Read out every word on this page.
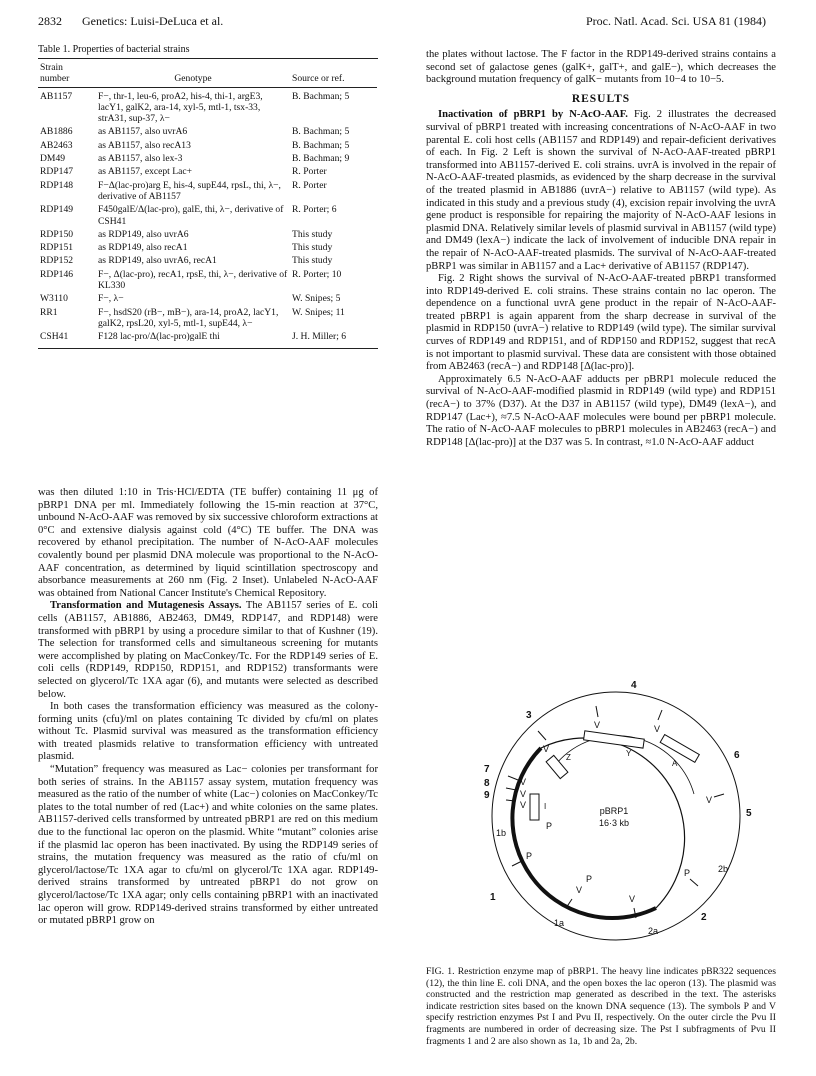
2832 Genetics: Luisi-DeLuca et al.	Proc. Natl. Acad. Sci. USA 81 (1984)
Table 1. Properties of bacterial strains
Strain number	Genotype	Source or ref.

AB1157	F−, thr-1, leu-6, proA2, his-4, thi-1, argE3, lacY1, galK2, ara-14, xyl-5, mtl-1, tsx-33, strA31, sup-37, λ−	B. Bachman; 5
AB1886	as AB1157, also uvrA6	B. Bachman; 5
AB2463	as AB1157, also recA13	B. Bachman; 5
DM49	as AB1157, also lex-3	B. Bachman; 9
RDP147	as AB1157, except Lac+	R. Porter
RDP148	F−Δ(lac-pro)arg E, his-4, supE44, rpsL, thi, λ−, derivative of AB1157	R. Porter
RDP149	F450galE/Δ(lac-pro), galE, thi, λ−, derivative of CSH41	R. Porter; 6
RDP150	as RDP149, also uvrA6	This study
RDP151	as RDP149, also recA1	This study
RDP152	as RDP149, also uvrA6, recA1	This study
RDP146	F−, Δ(lac-pro), recA1, rpsE, thi, λ−, derivative of KL330	R. Porter; 10
W3110	F−, λ−	W. Snipes; 5
RR1	F−, hsdS20 (rB−, mB−), ara-14, proA2, lacY1, galK2, rpsL20, xyl-5, mtl-1, supE44, λ−	W. Snipes; 11
CSH41	F128 lac-pro/Δ(lac-pro)galE thi	J. H. Miller; 6

was then diluted 1:10 in Tris·HCl/EDTA (TE buffer) containing 11 μg of pBRP1 DNA per ml. Immediately following the 15-min reaction at 37°C, unbound N-AcO-AAF was removed by six successive chloroform extractions at 0°C and extensive dialysis against cold (4°C) TE buffer. The DNA was recovered by ethanol precipitation. The number of N-AcO-AAF molecules covalently bound per plasmid DNA molecule was proportional to the N-AcO-AAF concentration, as determined by liquid scintillation spectroscopy and absorbance measurements at 260 nm (Fig. 2 Inset). Unlabeled N-AcO-AAF was obtained from National Cancer Institute's Chemical Repository.

Transformation and Mutagenesis Assays. The AB1157 series of E. coli cells (AB1157, AB1886, AB2463, DM49, RDP147, and RDP148) were transformed with pBRP1 by using a procedure similar to that of Kushner (19). The selection for transformed cells and simultaneous screening for mutants were accomplished by plating on MacConkey/Tc. For the RDP149 series of E. coli cells (RDP149, RDP150, RDP151, and RDP152) transformants were selected on glycerol/Tc 1XA agar (6), and mutants were selected as described below.

In both cases the transformation efficiency was measured as the colony-forming units (cfu)/ml on plates containing Tc divided by cfu/ml on plates without Tc. Plasmid survival was measured as the transformation efficiency with treated plasmids relative to transformation efficiency with untreated plasmid.

“Mutation” frequency was measured as Lac− colonies per transformant for both series of strains. In the AB1157 assay system, mutation frequency was measured as the ratio of the number of white (Lac−) colonies on MacConkey/Tc plates to the total number of red (Lac+) and white colonies on the same plates. AB1157-derived cells transformed by untreated pBRP1 are red on this medium due to the functional lac operon on the plasmid. White “mutant” colonies arise if the plasmid lac operon has been inactivated. By using the RDP149 series of strains, the mutation frequency was measured as the ratio of cfu/ml on glycerol/lactose/Tc 1XA agar to cfu/ml on glycerol/Tc 1XA agar. RDP149-derived strains transformed by untreated pBRP1 do not grow on glycerol/lactose/Tc 1XA agar; only cells containing pBRP1 with an inactivated lac operon will grow. RDP149-derived strains transformed by either untreated or mutated pBRP1 grow on

the plates without lactose. The F factor in the RDP149-derived strains contains a second set of galactose genes (galK+, galT+, and galE−), which decreases the background mutation frequency of galK− mutants from 10−4 to 10−5.

RESULTS

Inactivation of pBRP1 by N-AcO-AAF. Fig. 2 illustrates the decreased survival of pBRP1 treated with increasing concentrations of N-AcO-AAF in two parental E. coli host cells (AB1157 and RDP149) and repair-deficient derivatives of each. In Fig. 2 Left is shown the survival of N-AcO-AAF-treated pBRP1 transformed into AB1157-derived E. coli strains. uvrA is involved in the repair of N-AcO-AAF-treated plasmids, as evidenced by the sharp decrease in the survival of the treated plasmid in AB1886 (uvrA−) relative to AB1157 (wild type). As indicated in this study and a previous study (4), excision repair involving the uvrA gene product is responsible for repairing the majority of N-AcO-AAF lesions in plasmid DNA. Relatively similar levels of plasmid survival in AB1157 (wild type) and DM49 (lexA−) indicate the lack of involvement of inducible DNA repair in the repair of N-AcO-AAF-treated plasmids. The survival of N-AcO-AAF-treated pBRP1 was similar in AB1157 and a Lac+ derivative of AB1157 (RDP147).

Fig. 2 Right shows the survival of N-AcO-AAF-treated pBRP1 transformed into RDP149-derived E. coli strains. These strains contain no lac operon. The dependence on a functional uvrA gene product in the repair of N-AcO-AAF-treated pBRP1 is again apparent from the sharp decrease in survival of the plasmid in RDP150 (uvrA−) relative to RDP149 (wild type). The similar survival curves of RDP149 and RDP151, and of RDP150 and RDP152, suggest that recA is not important to plasmid survival. These data are consistent with those obtained from AB2463 (recA−) and RDP148 [Δ(lac-pro)].

Approximately 6.5 N-AcO-AAF adducts per pBRP1 molecule reduced the survival of N-AcO-AAF-modified plasmid in RDP149 (wild type) and RDP151 (recA−) to 37% (D37). At the D37 in AB1157 (wild type), DM49 (lexA−), and RDP147 (Lac+), ≈7.5 N-AcO-AAF molecules were bound per pBRP1 molecule. The ratio of N-AcO-AAF molecules to pBRP1 molecules in AB2463 (recA−) and RDP148 [Δ(lac-pro)] at the D37 was 5. In contrast, ≈1.0 N-AcO-AAF adduct

V
V	V
V
V
V
V
V
V
P
P
P
P
Z	Y
A
I	pBRP1
16·3 kb
1
2
3
4
5
6
7
8
9
1a
1b
2a
2b
FIG. 1. Restriction enzyme map of pBRP1. The heavy line indicates pBR322 sequences (12), the thin line E. coli DNA, and the open boxes the lac operon (13). The plasmid was constructed and the restriction map generated as described in the text. The asterisks indicate restriction sites based on the known DNA sequence (13). The symbols P and V specify restriction enzymes Pst I and Pvu II, respectively. On the outer circle the Pvu II fragments are numbered in order of decreasing size. The Pst I subfragments of Pvu II fragments 1 and 2 are also shown as 1a, 1b and 2a, 2b.
